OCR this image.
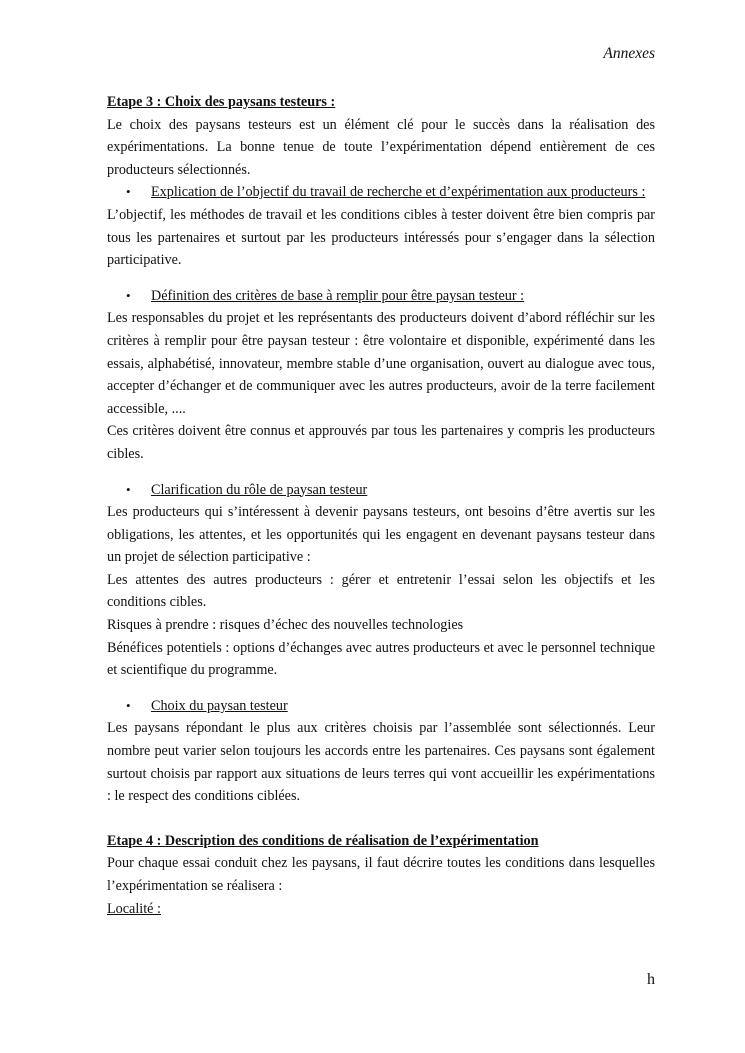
Annexes

Etape 3 : Choix des paysans testeurs :

Le choix des paysans testeurs est un élément clé pour le succès dans la réalisation des expérimentations. La bonne tenue de toute l’expérimentation dépend entièrement de ces producteurs sélectionnés.

• Explication de l’objectif du travail de recherche et d’expérimentation aux producteurs :

L’objectif, les méthodes de travail et les conditions cibles à tester doivent être bien compris par tous les partenaires et surtout par les producteurs intéressés pour s’engager dans la sélection participative.

• Définition des critères de base à remplir pour être paysan testeur :

Les responsables du projet et les représentants des producteurs doivent d’abord réfléchir sur les critères à remplir pour être paysan testeur : être volontaire et disponible, expérimenté dans les essais, alphabétisé, innovateur, membre stable d’une organisation, ouvert au dialogue avec tous, accepter d’échanger et de communiquer avec les autres producteurs, avoir de la terre facilement accessible, ....

Ces critères doivent être connus et approuvés par tous les partenaires y compris les producteurs cibles.

• Clarification du rôle de paysan testeur

Les producteurs qui s’intéressent à devenir paysans testeurs, ont besoins d’être avertis sur les obligations, les attentes, et les opportunités qui les engagent en devenant paysans testeur dans un projet de sélection participative :

Les attentes des autres producteurs : gérer et entretenir l’essai selon les objectifs et les conditions cibles.

Risques à prendre : risques d’échec des nouvelles technologies

Bénéfices potentiels : options d’échanges avec autres producteurs et avec le personnel technique et scientifique du programme.

• Choix du paysan testeur

Les paysans répondant le plus aux critères choisis par l’assemblée sont sélectionnés. Leur nombre peut varier selon toujours les accords entre les partenaires. Ces paysans sont également surtout choisis par rapport aux situations de leurs terres qui vont accueillir les expérimentations : le respect des conditions ciblées.

Etape 4 : Description des conditions de réalisation de l’expérimentation

Pour chaque essai conduit chez les paysans, il faut décrire toutes les conditions dans lesquelles l’expérimentation se réalisera :

Localité :

h
